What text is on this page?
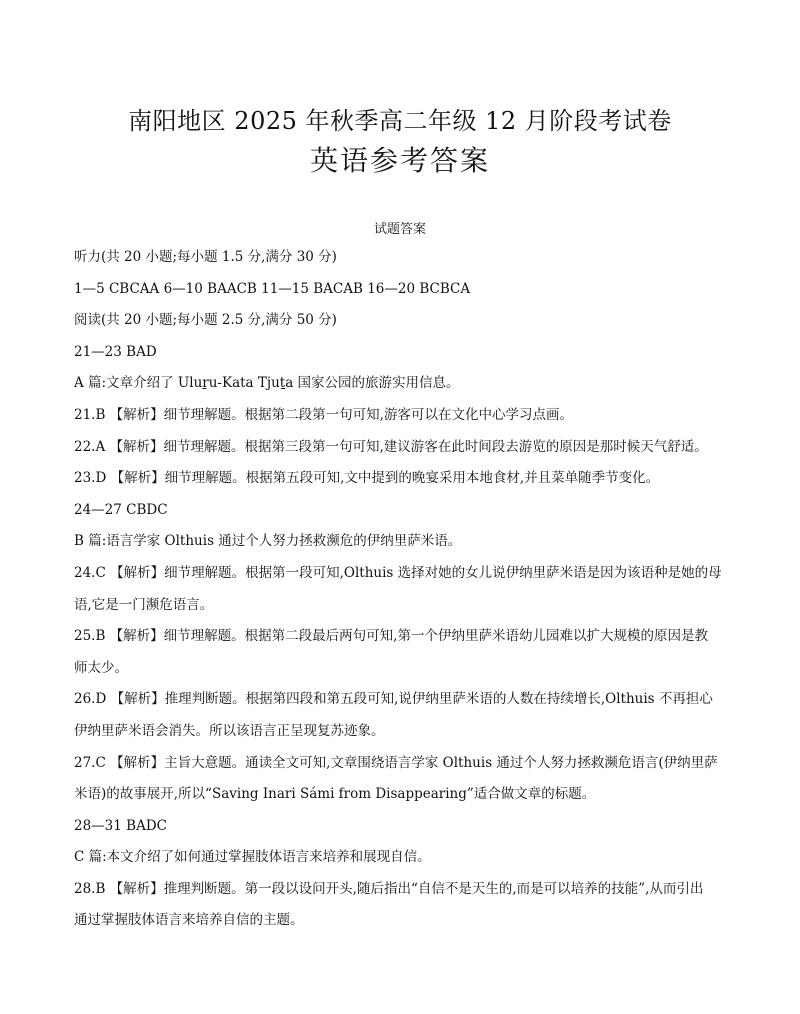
南阳地区 2025 年秋季高二年级 12 月阶段考试卷
英语参考答案
试题答案
听力(共 20 小题;每小题 1.5 分,满分 30 分)
1—5 CBCAA 6—10 BAACB 11—15 BACAB 16—20 BCBCA
阅读(共 20 小题;每小题 2.5 分,满分 50 分)
21—23 BAD
A 篇:文章介绍了 Uluṟu-Kata Tjuṯa 国家公园的旅游实用信息。
21.B 【解析】细节理解题。根据第二段第一句可知,游客可以在文化中心学习点画。
22.A 【解析】细节理解题。根据第三段第一句可知,建议游客在此时间段去游览的原因是那时候天气舒适。
23.D 【解析】细节理解题。根据第五段可知,文中提到的晚宴采用本地食材,并且菜单随季节变化。
24—27 CBDC
B 篇:语言学家 Olthuis 通过个人努力拯救濒危的伊纳里萨米语。
24.C 【解析】细节理解题。根据第一段可知,Olthuis 选择对她的女儿说伊纳里萨米语是因为该语种是她的母
语,它是一门濒危语言。
25.B 【解析】细节理解题。根据第二段最后两句可知,第一个伊纳里萨米语幼儿园难以扩大规模的原因是教
师太少。
26.D 【解析】推理判断题。根据第四段和第五段可知,说伊纳里萨米语的人数在持续增长,Olthuis 不再担心
伊纳里萨米语会消失。所以该语言正呈现复苏迹象。
27.C 【解析】主旨大意题。通读全文可知,文章围绕语言学家 Olthuis 通过个人努力拯救濒危语言(伊纳里萨
米语)的故事展开,所以“Saving Inari Sámi from Disappearing”适合做文章的标题。
28—31 BADC
C 篇:本文介绍了如何通过掌握肢体语言来培养和展现自信。
28.B 【解析】推理判断题。第一段以设问开头,随后指出“自信不是天生的,而是可以培养的技能”,从而引出
通过掌握肢体语言来培养自信的主题。
